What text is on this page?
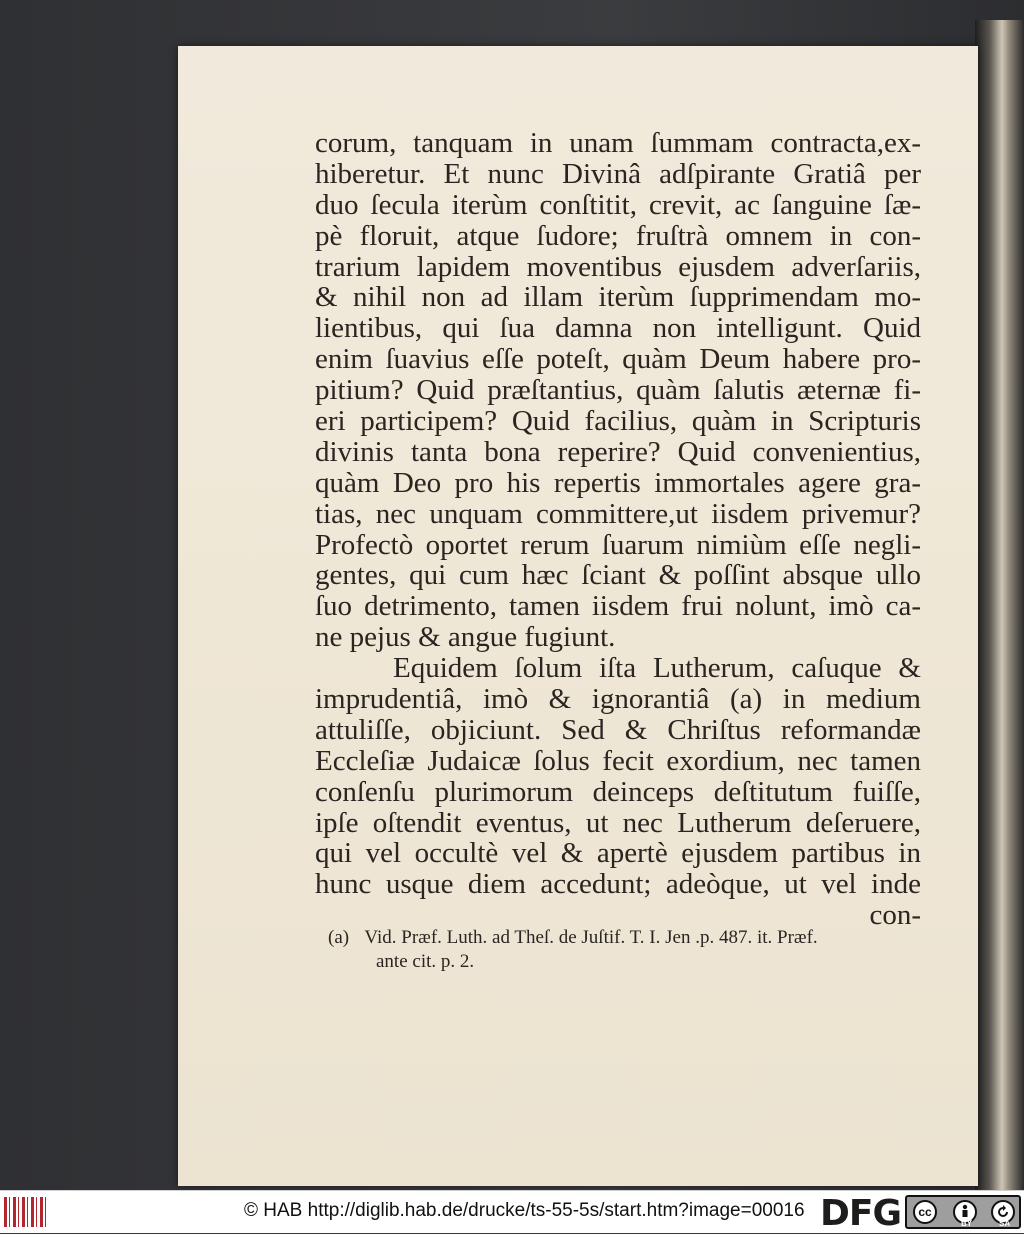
corum, tanquam in unam ſummam contracta,ex-
hiberetur. Et nunc Divinâ adſpirante Gratiâ per
duo ſecula iterùm conſtitit, crevit, ac ſanguine ſæ-
pè floruit, atque ſudore; fruſtrà omnem in con-
trarium lapidem moventibus ejusdem adverſariis,
& nihil non ad illam iterùm ſupprimendam mo-
lientibus, qui ſua damna non intelligunt. Quid
enim ſuavius eſſe poteſt, quàm Deum habere pro-
pitium? Quid præſtantius, quàm ſalutis æternæ fi-
eri participem? Quid facilius, quàm in Scripturis
divinis tanta bona reperire? Quid convenientius,
quàm Deo pro his repertis immortales agere gra-
tias, nec unquam committere,ut iisdem privemur?
Profectò oportet rerum ſuarum nimiùm eſſe negli-
gentes, qui cum hæc ſciant & poſſint absque ullo
ſuo detrimento, tamen iisdem frui nolunt, imò ca-
ne pejus & angue fugiunt.
Equidem ſolum iſta Lutherum, caſuque &
imprudentiâ, imò & ignorantiâ (a) in medium
attuliſſe, objiciunt. Sed & Chriſtus reformandæ
Eccleſiæ Judaicæ ſolus fecit exordium, nec tamen
conſenſu plurimorum deinceps deſtitutum fuiſſe,
ipſe oſtendit eventus, ut nec Lutherum deſeruere,
qui vel occultè vel & apertè ejusdem partibus in
hunc usque diem accedunt; adeòque, ut vel inde
con-
(a) Vid. Præf. Luth. ad Theſ. de Juſtif. T. I. Jen .p. 487. it. Præf.
ante cit. p. 2.
© HAB http://diglib.hab.de/drucke/ts-55-5s/start.htm?image=00016 DFG	cc
BY	SA
